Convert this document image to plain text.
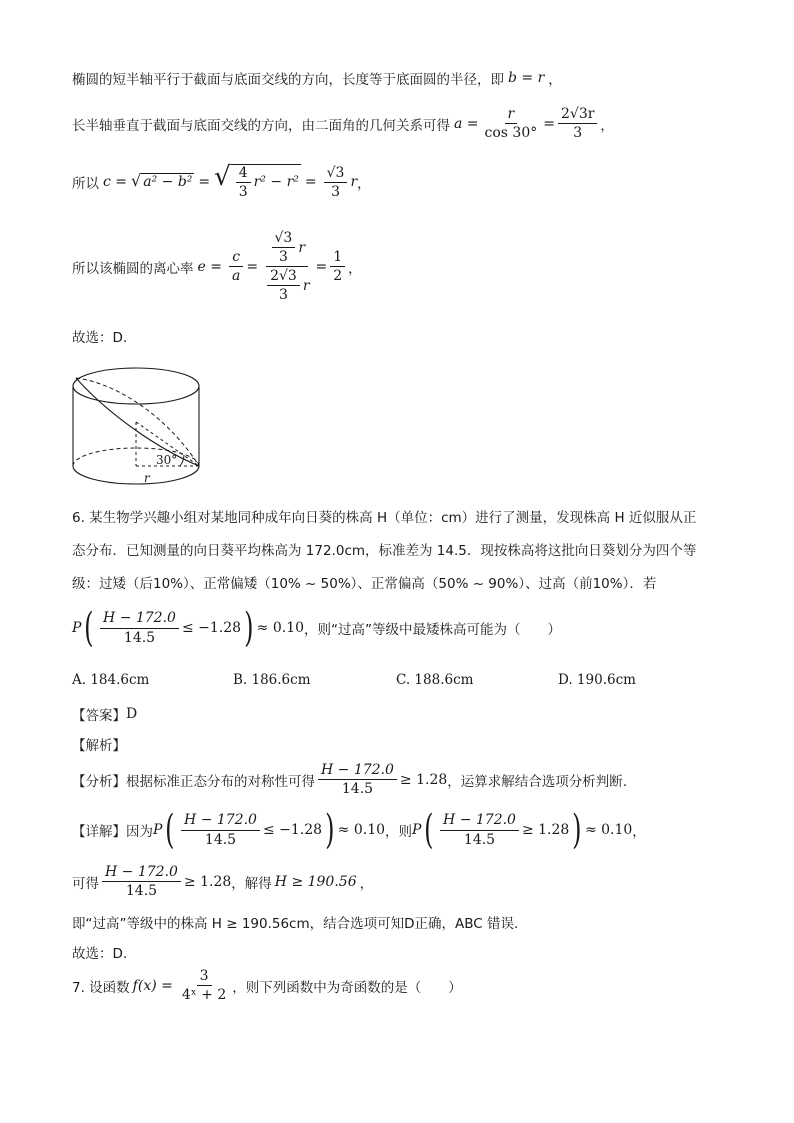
椭圆的短半轴平行于截面与底面交线的方向，长度等于底面圆的半径，即 b = r ，
长半轴垂直于截面与底面交线的方向，由二面角的几何关系可得 $a = \frac{r}{\cos 30^\circ} = \frac{2√3r}{3}$ ，
所以 c = √ a² − b² = √ $\frac{4}{3} r^2 - r^2 = \frac{√3}{3}$ r ，
所以该椭圆的离心率 $e = \frac{c}{a} = \frac{\frac{√3}{3} r}{\frac{2√3}{3} r} = \frac{1}{2}$ ，
故选：D.
30°
r
6. 某生物学兴趣小组对某地同种成年向日葵的株高 H（单位：cm）进行了测量，发现株高 H 近似服从正
态分布．已知测量的向日葵平均株高为 172.0cm，标准差为 14.5．现按株高将这批向日葵划分为四个等
级：过矮（后10%）、正常偏矮（10% ~ 50%）、正常偏高（50% ~ 90%）、过高（前10%）．若
P ( $\frac{H - 172.0}{14.5} \le -1.28$ ) ≈ 0.10 ，则“过高”等级中最矮株高可能为（　　）
A. 184.6cm	B. 186.6cm	C. 188.6cm	D. 190.6cm
【答案】 D
【解析】
【分析】 根据标准正态分布的对称性可得 $\frac{H - 172.0}{14.5} \ge 1.28$ ，运算求解结合选项分析判断.
【详解】 因为 P ( $\frac{H - 172.0}{14.5} \le -1.28$ ) ≈ 0.10 ，则 P ( $\frac{H - 172.0}{14.5} \ge 1.28$ ) ≈ 0.10 ，
可得 $\frac{H - 172.0}{14.5} \ge 1.28$ ，解得 H ≥ 190.56 ，
即“过高”等级中的株高 H ≥ 190.56cm，结合选项可知D正确，ABC 错误.
故选：D.
7. 设函数 $f(x) = \frac{3}{\text{4ˣ + 2}}$ ，则下列函数中为奇函数的是（　　）
